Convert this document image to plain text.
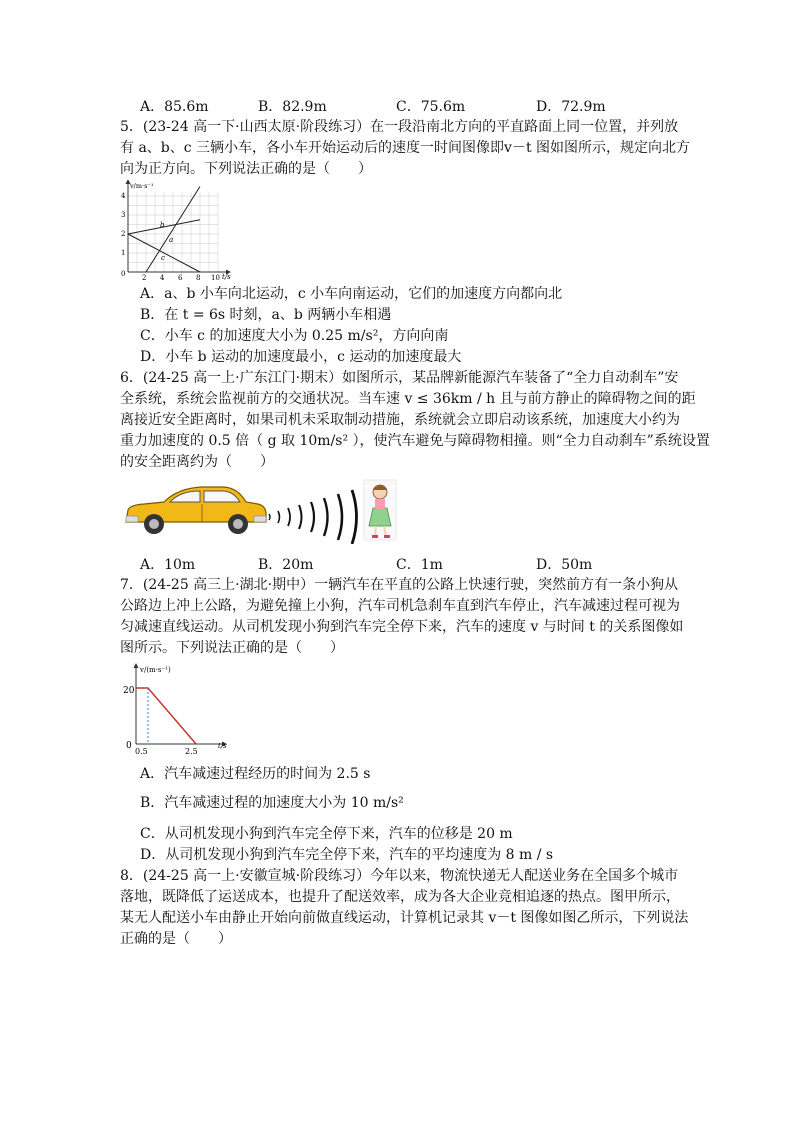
A．85.6m	B．82.9m	C．75.6m	D．72.9m
5．(23-24 高一下·山西太原·阶段练习）在一段沿南北方向的平直路面上同一位置，并列放
有 a、b、c 三辆小车，各小车开始运动后的速度一时间图像即v－t 图如图所示，规定向北方
向为正方向。下列说法正确的是（　　）
v/m·s⁻¹
t/s
0 2 4 6 8 10
1
2
3
4
b
a
c
A．a、b 小车向北运动，c 小车向南运动，它们的加速度方向都向北
B．在 t = 6s 时刻，a、b 两辆小车相遇
C．小车 c 的加速度大小为 0.25 m/s²，方向向南
D．小车 b 运动的加速度最小，c 运动的加速度最大
6．(24-25 高一上·广东江门·期末）如图所示，某品牌新能源汽车装备了“全力自动刹车”安
全系统，系统会监视前方的交通状况。当车速 v ≤ 36km / h 且与前方静止的障碍物之间的距
离接近安全距离时，如果司机未采取制动措施，系统就会立即启动该系统，加速度大小约为
重力加速度的 0.5 倍（ g 取 10m/s² ），使汽车避免与障碍物相撞。则“全力自动刹车”系统设置
的安全距离约为（　　）
A．10m	B．20m	C．1m	D．50m
7．(24-25 高三上·湖北·期中）一辆汽车在平直的公路上快速行驶，突然前方有一条小狗从
公路边上冲上公路，为避免撞上小狗，汽车司机急刹车直到汽车停止，汽车减速过程可视为
匀减速直线运动。从司机发现小狗到汽车完全停下来，汽车的速度 v 与时间 t 的关系图像如
图所示。下列说法正确的是（　　）
v/(m·s⁻¹)
t/s
20
0
0.5	2.5
A．汽车减速过程经历的时间为 2.5 s
B．汽车减速过程的加速度大小为 10 m/s²
C．从司机发现小狗到汽车完全停下来，汽车的位移是 20 m
D．从司机发现小狗到汽车完全停下来，汽车的平均速度为 8 m / s
8．(24-25 高一上·安徽宣城·阶段练习）今年以来，物流快递无人配送业务在全国多个城市
落地，既降低了运送成本，也提升了配送效率，成为各大企业竞相追逐的热点。图甲所示，
某无人配送小车由静止开始向前做直线运动，计算机记录其 v－t 图像如图乙所示，下列说法
正确的是（　　）
